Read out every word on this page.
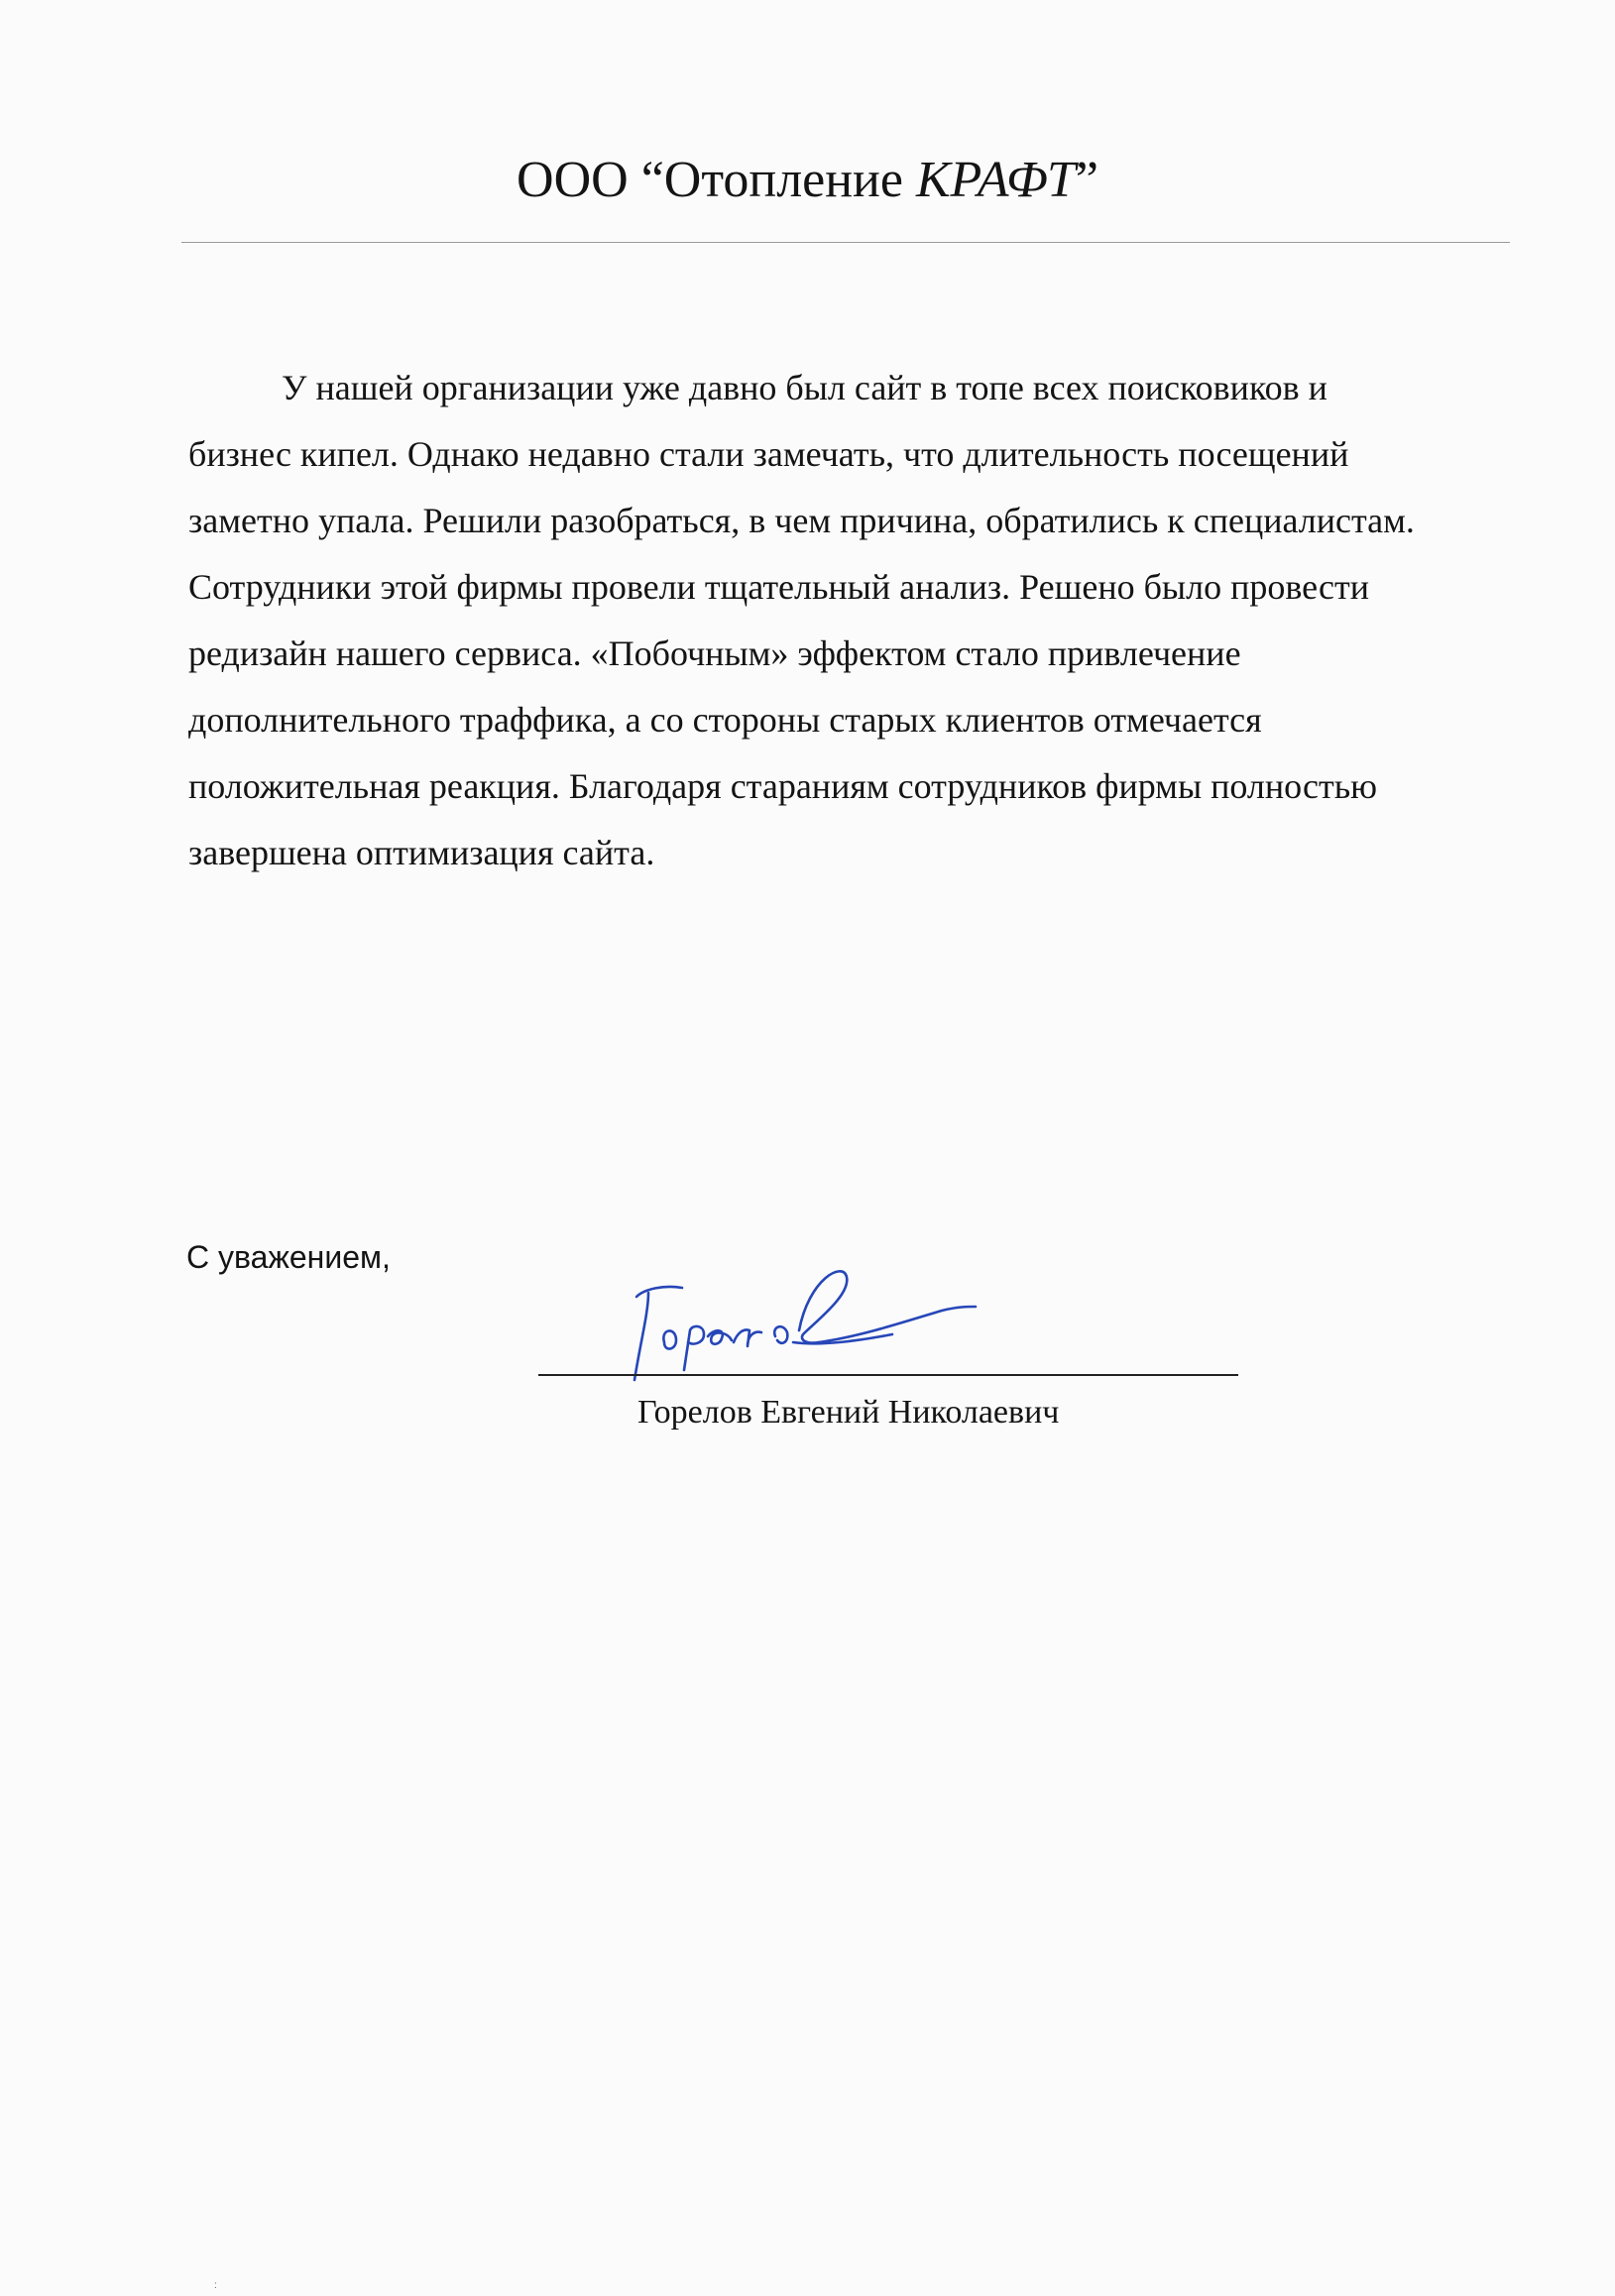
ООО “Отопление КРАФТ”
У нашей организации уже давно был сайт в топе всех поисковиков и
бизнес кипел. Однако недавно стали замечать, что длительность посещений
заметно упала. Решили разобраться, в чем причина, обратились к специалистам.
Сотрудники этой фирмы провели тщательный анализ. Решено было провести
редизайн нашего сервиса. «Побочным» эффектом стало привлечение
дополнительного траффика, а со стороны старых клиентов отмечается
положительная реакция. Благодаря стараниям сотрудников фирмы полностью
завершена оптимизация сайта.
С уважением,
Горелов Евгений Николаевич
:
